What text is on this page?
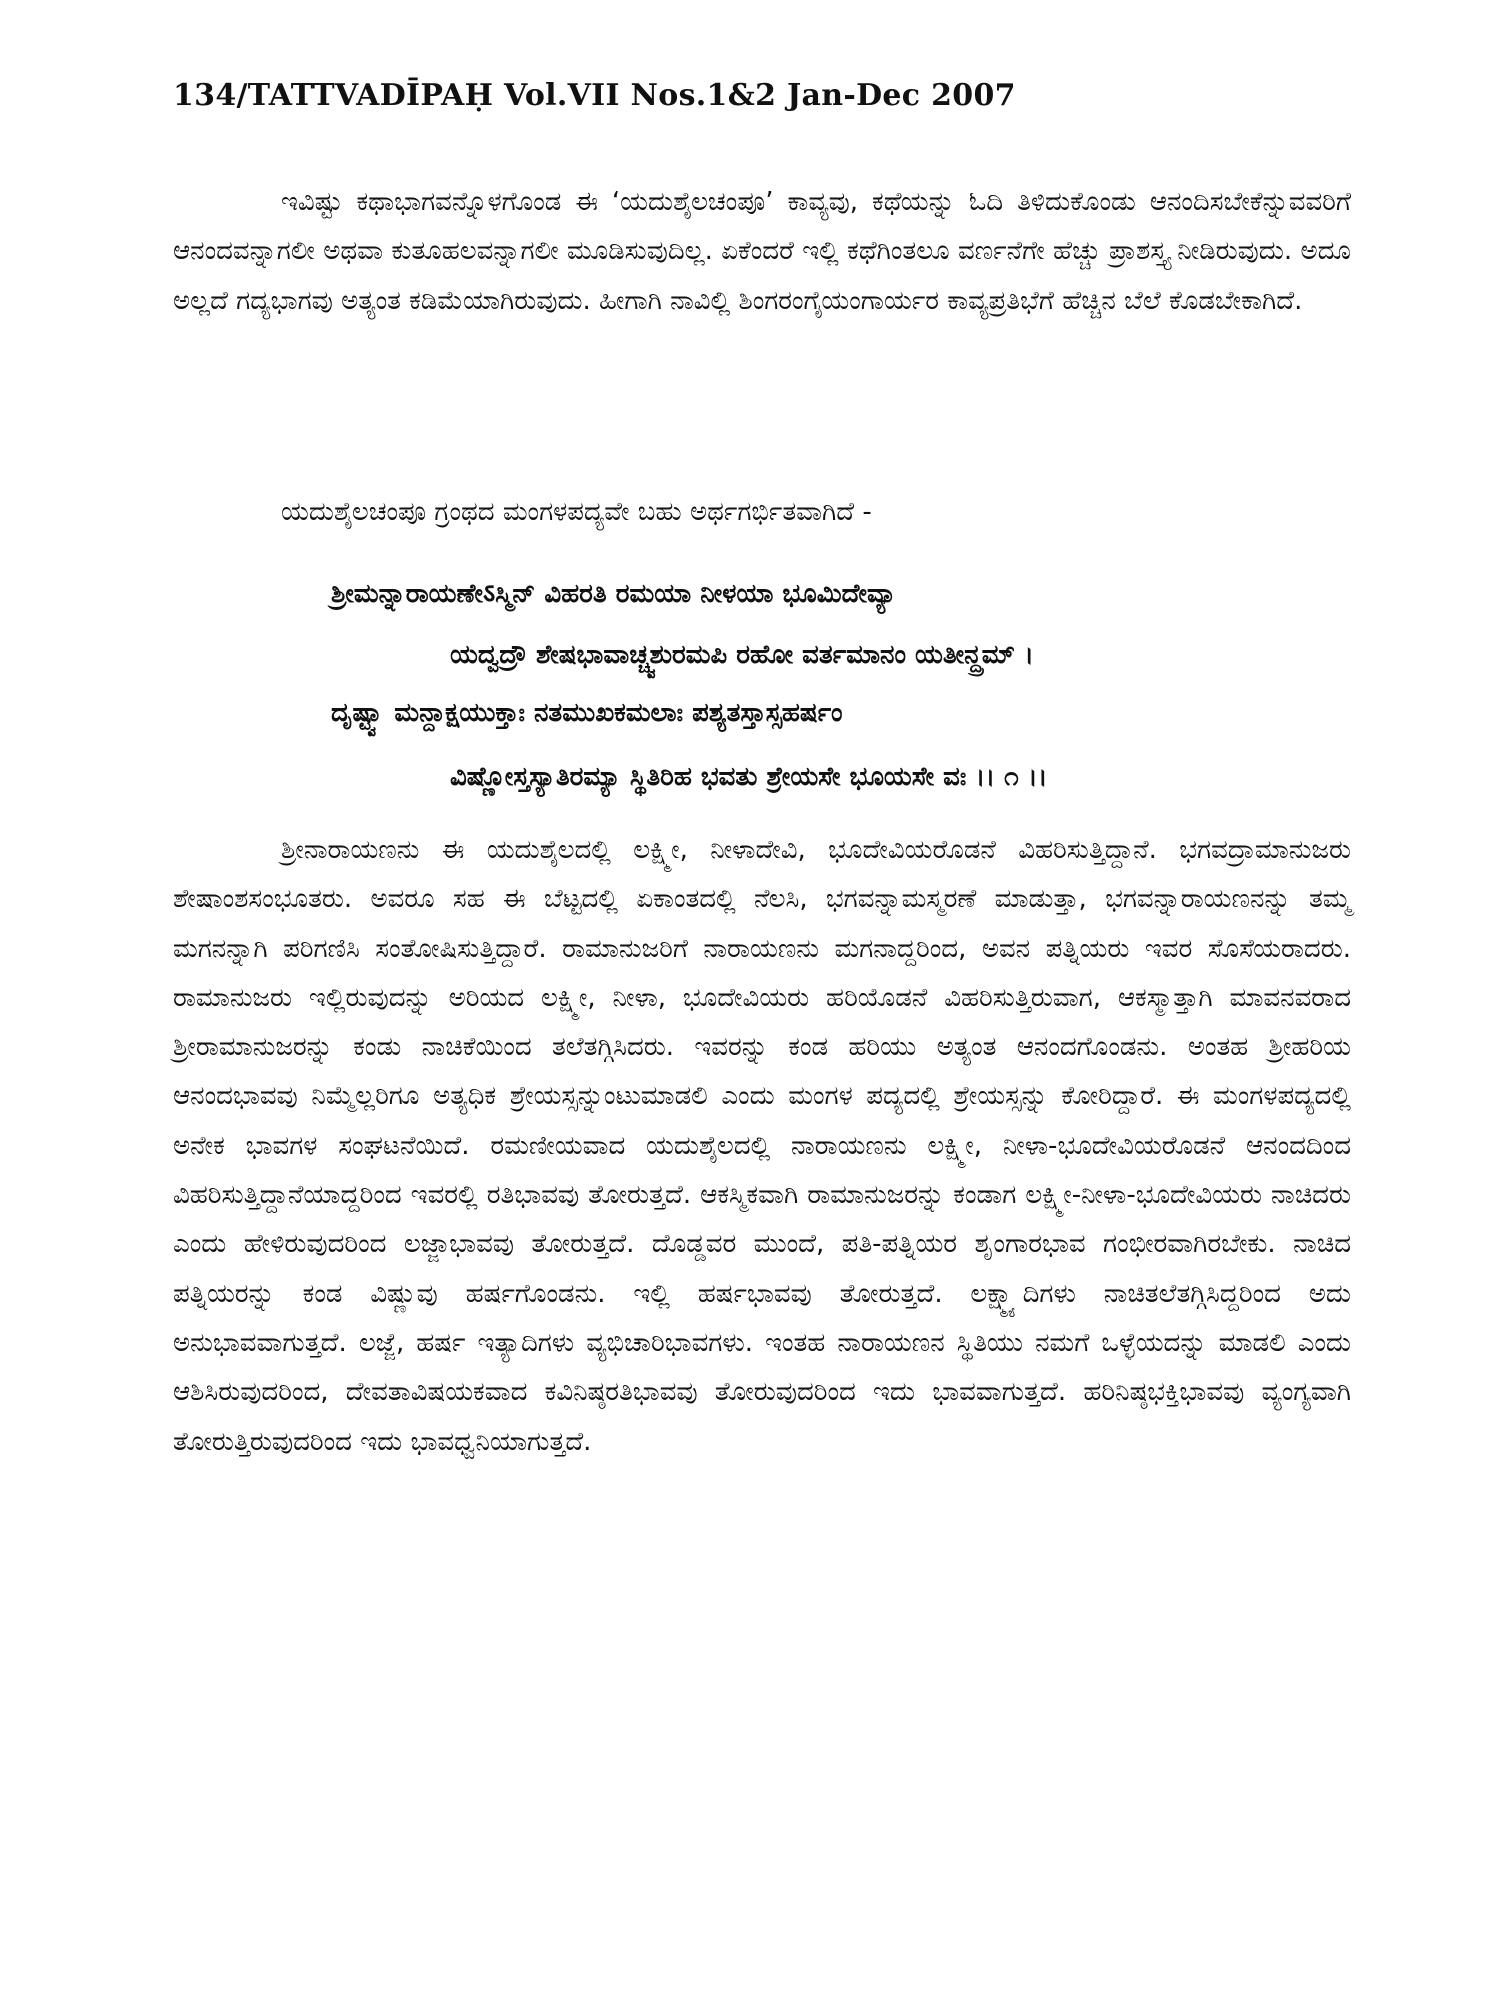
134/TATTVADĪPAḤ Vol.VII Nos.1&2 Jan-Dec 2007

ಇವಿಷ್ಟು ಕಥಾಭಾಗವನ್ನೊಳಗೊಂಡ ಈ ‘ಯದುಶೈಲಚಂಪೂ’ ಕಾವ್ಯವು, ಕಥೆಯನ್ನು ಓದಿ ತಿಳಿದುಕೊಂಡು ಆನಂದಿಸಬೇಕೆನ್ನುವವರಿಗೆ ಆನಂದವನ್ನಾಗಲೀ ಅಥವಾ ಕುತೂಹಲವನ್ನಾಗಲೀ ಮೂಡಿಸುವುದಿಲ್ಲ. ಏಕೆಂದರೆ ಇಲ್ಲಿ ಕಥೆಗಿಂತಲೂ ವರ್ಣನೆಗೇ ಹೆಚ್ಚು ಪ್ರಾಶಸ್ತ್ಯ ನೀಡಿರುವುದು. ಅದೂ ಅಲ್ಲದೆ ಗದ್ಯಭಾಗವು ಅತ್ಯಂತ ಕಡಿಮೆಯಾಗಿರುವುದು. ಹೀಗಾಗಿ ನಾವಿಲ್ಲಿ ಶಿಂಗರಂಗೈಯಂಗಾರ್ಯರ ಕಾವ್ಯಪ್ರತಿಭೆಗೆ ಹೆಚ್ಚಿನ ಬೆಲೆ ಕೊಡಬೇಕಾಗಿದೆ.

ಯದುಶೈಲಚಂಪೂ ಗ್ರಂಥದ ಮಂಗಳಪದ್ಯವೇ ಬಹು ಅರ್ಥಗರ್ಭಿತವಾಗಿದೆ -

ಶ್ರೀಮನ್ನಾರಾಯಣೇऽಸ್ಮಿನ್ ವಿಹರತಿ ರಮಯಾ ನೀಳಯಾ ಭೂಮಿದೇವ್ಯಾ

ಯದ್ವದ್ರೌ ಶೇಷಭಾವಾಚ್ಚ್ವಶುರಮಪಿ ರಹೋ ವರ್ತಮಾನಂ ಯತೀನ್ದ್ರಮ್ ।

ದೃಷ್ಟ್ವಾ ಮನ್ದಾಕ್ಷಯುಕ್ತಾಃ ನತಮುಖಕಮಲಾಃ ಪಶ್ಯತಸ್ತಾಸ್ಸಹರ್ಷಂ

ವಿಷ್ಣೋಸ್ತಸ್ಯಾತಿರಮ್ಯಾ ಸ್ಥಿತಿರಿಹ ಭವತು ಶ್ರೇಯಸೇ ಭೂಯಸೇ ವಃ ।। ೧ ।।

ಶ್ರೀನಾರಾಯಣನು ಈ ಯದುಶೈಲದಲ್ಲಿ ಲಕ್ಷ್ಮೀ, ನೀಳಾದೇವಿ, ಭೂದೇವಿಯರೊಡನೆ ವಿಹರಿಸುತ್ತಿದ್ದಾನೆ. ಭಗವದ್ರಾಮಾನುಜರು ಶೇಷಾಂಶಸಂಭೂತರು. ಅವರೂ ಸಹ ಈ ಬೆಟ್ಟದಲ್ಲಿ ಏಕಾಂತದಲ್ಲಿ ನೆಲಸಿ, ಭಗವನ್ನಾಮಸ್ಮರಣೆ ಮಾಡುತ್ತಾ, ಭಗವನ್ನಾರಾಯಣನನ್ನು ತಮ್ಮ ಮಗನನ್ನಾಗಿ ಪರಿಗಣಿಸಿ ಸಂತೋಷಿಸುತ್ತಿದ್ದಾರೆ. ರಾಮಾನುಜರಿಗೆ ನಾರಾಯಣನು ಮಗನಾದ್ದರಿಂದ, ಅವನ ಪತ್ನಿಯರು ಇವರ ಸೊಸೆಯರಾದರು. ರಾಮಾನುಜರು ಇಲ್ಲಿರುವುದನ್ನು ಅರಿಯದ ಲಕ್ಷ್ಮೀ, ನೀಳಾ, ಭೂದೇವಿಯರು ಹರಿಯೊಡನೆ ವಿಹರಿಸುತ್ತಿರುವಾಗ, ಆಕಸ್ಮಾತ್ತಾಗಿ ಮಾವನವರಾದ ಶ್ರೀರಾಮಾನುಜರನ್ನು ಕಂಡು ನಾಚಿಕೆಯಿಂದ ತಲೆತಗ್ಗಿಸಿದರು. ಇವರನ್ನು ಕಂಡ ಹರಿಯು ಅತ್ಯಂತ ಆನಂದಗೊಂಡನು. ಅಂತಹ ಶ್ರೀಹರಿಯ ಆನಂದಭಾವವು ನಿಮ್ಮೆಲ್ಲರಿಗೂ ಅತ್ಯಧಿಕ ಶ್ರೇಯಸ್ಸನ್ನುಂಟುಮಾಡಲಿ ಎಂದು ಮಂಗಳ ಪದ್ಯದಲ್ಲಿ ಶ್ರೇಯಸ್ಸನ್ನು ಕೋರಿದ್ದಾರೆ. ಈ ಮಂಗಳಪದ್ಯದಲ್ಲಿ ಅನೇಕ ಭಾವಗಳ ಸಂಘಟನೆಯಿದೆ. ರಮಣೀಯವಾದ ಯದುಶೈಲದಲ್ಲಿ ನಾರಾಯಣನು ಲಕ್ಷ್ಮೀ, ನೀಳಾ-ಭೂದೇವಿಯರೊಡನೆ ಆನಂದದಿಂದ ವಿಹರಿಸುತ್ತಿದ್ದಾನೆಯಾದ್ದರಿಂದ ಇವರಲ್ಲಿ ರತಿಭಾವವು ತೋರುತ್ತದೆ. ಆಕಸ್ಮಿಕವಾಗಿ ರಾಮಾನುಜರನ್ನು ಕಂಡಾಗ ಲಕ್ಷ್ಮೀ-ನೀಳಾ-ಭೂದೇವಿಯರು ನಾಚಿದರು ಎಂದು ಹೇಳಿರುವುದರಿಂದ ಲಜ್ಜಾಭಾವವು ತೋರುತ್ತದೆ. ದೊಡ್ಡವರ ಮುಂದೆ, ಪತಿ-ಪತ್ನಿಯರ ಶೃಂಗಾರಭಾವ ಗಂಭೀರವಾಗಿರಬೇಕು. ನಾಚಿದ ಪತ್ನಿಯರನ್ನು ಕಂಡ ವಿಷ್ಣುವು ಹರ್ಷಗೊಂಡನು. ಇಲ್ಲಿ ಹರ್ಷಭಾವವು ತೋರುತ್ತದೆ. ಲಕ್ಷ್ಮ್ಯಾದಿಗಳು ನಾಚಿತಲೆತಗ್ಗಿಸಿದ್ದರಿಂದ ಅದು ಅನುಭಾವವಾಗುತ್ತದೆ. ಲಜ್ಜೆ, ಹರ್ಷ ಇತ್ಯಾದಿಗಳು ವ್ಯಭಿಚಾರಿಭಾವಗಳು. ಇಂತಹ ನಾರಾಯಣನ ಸ್ಥಿತಿಯು ನಮಗೆ ಒಳ್ಳೆಯದನ್ನು ಮಾಡಲಿ ಎಂದು ಆಶಿಸಿರುವುದರಿಂದ, ದೇವತಾವಿಷಯಕವಾದ ಕವಿನಿಷ್ಠರತಿಭಾವವು ತೋರುವುದರಿಂದ ಇದು ಭಾವವಾಗುತ್ತದೆ. ಹರಿನಿಷ್ಠಭಕ್ತಿಭಾವವು ವ್ಯಂಗ್ಯವಾಗಿ ತೋರುತ್ತಿರುವುದರಿಂದ ಇದು ಭಾವಧ್ವನಿಯಾಗುತ್ತದೆ.
